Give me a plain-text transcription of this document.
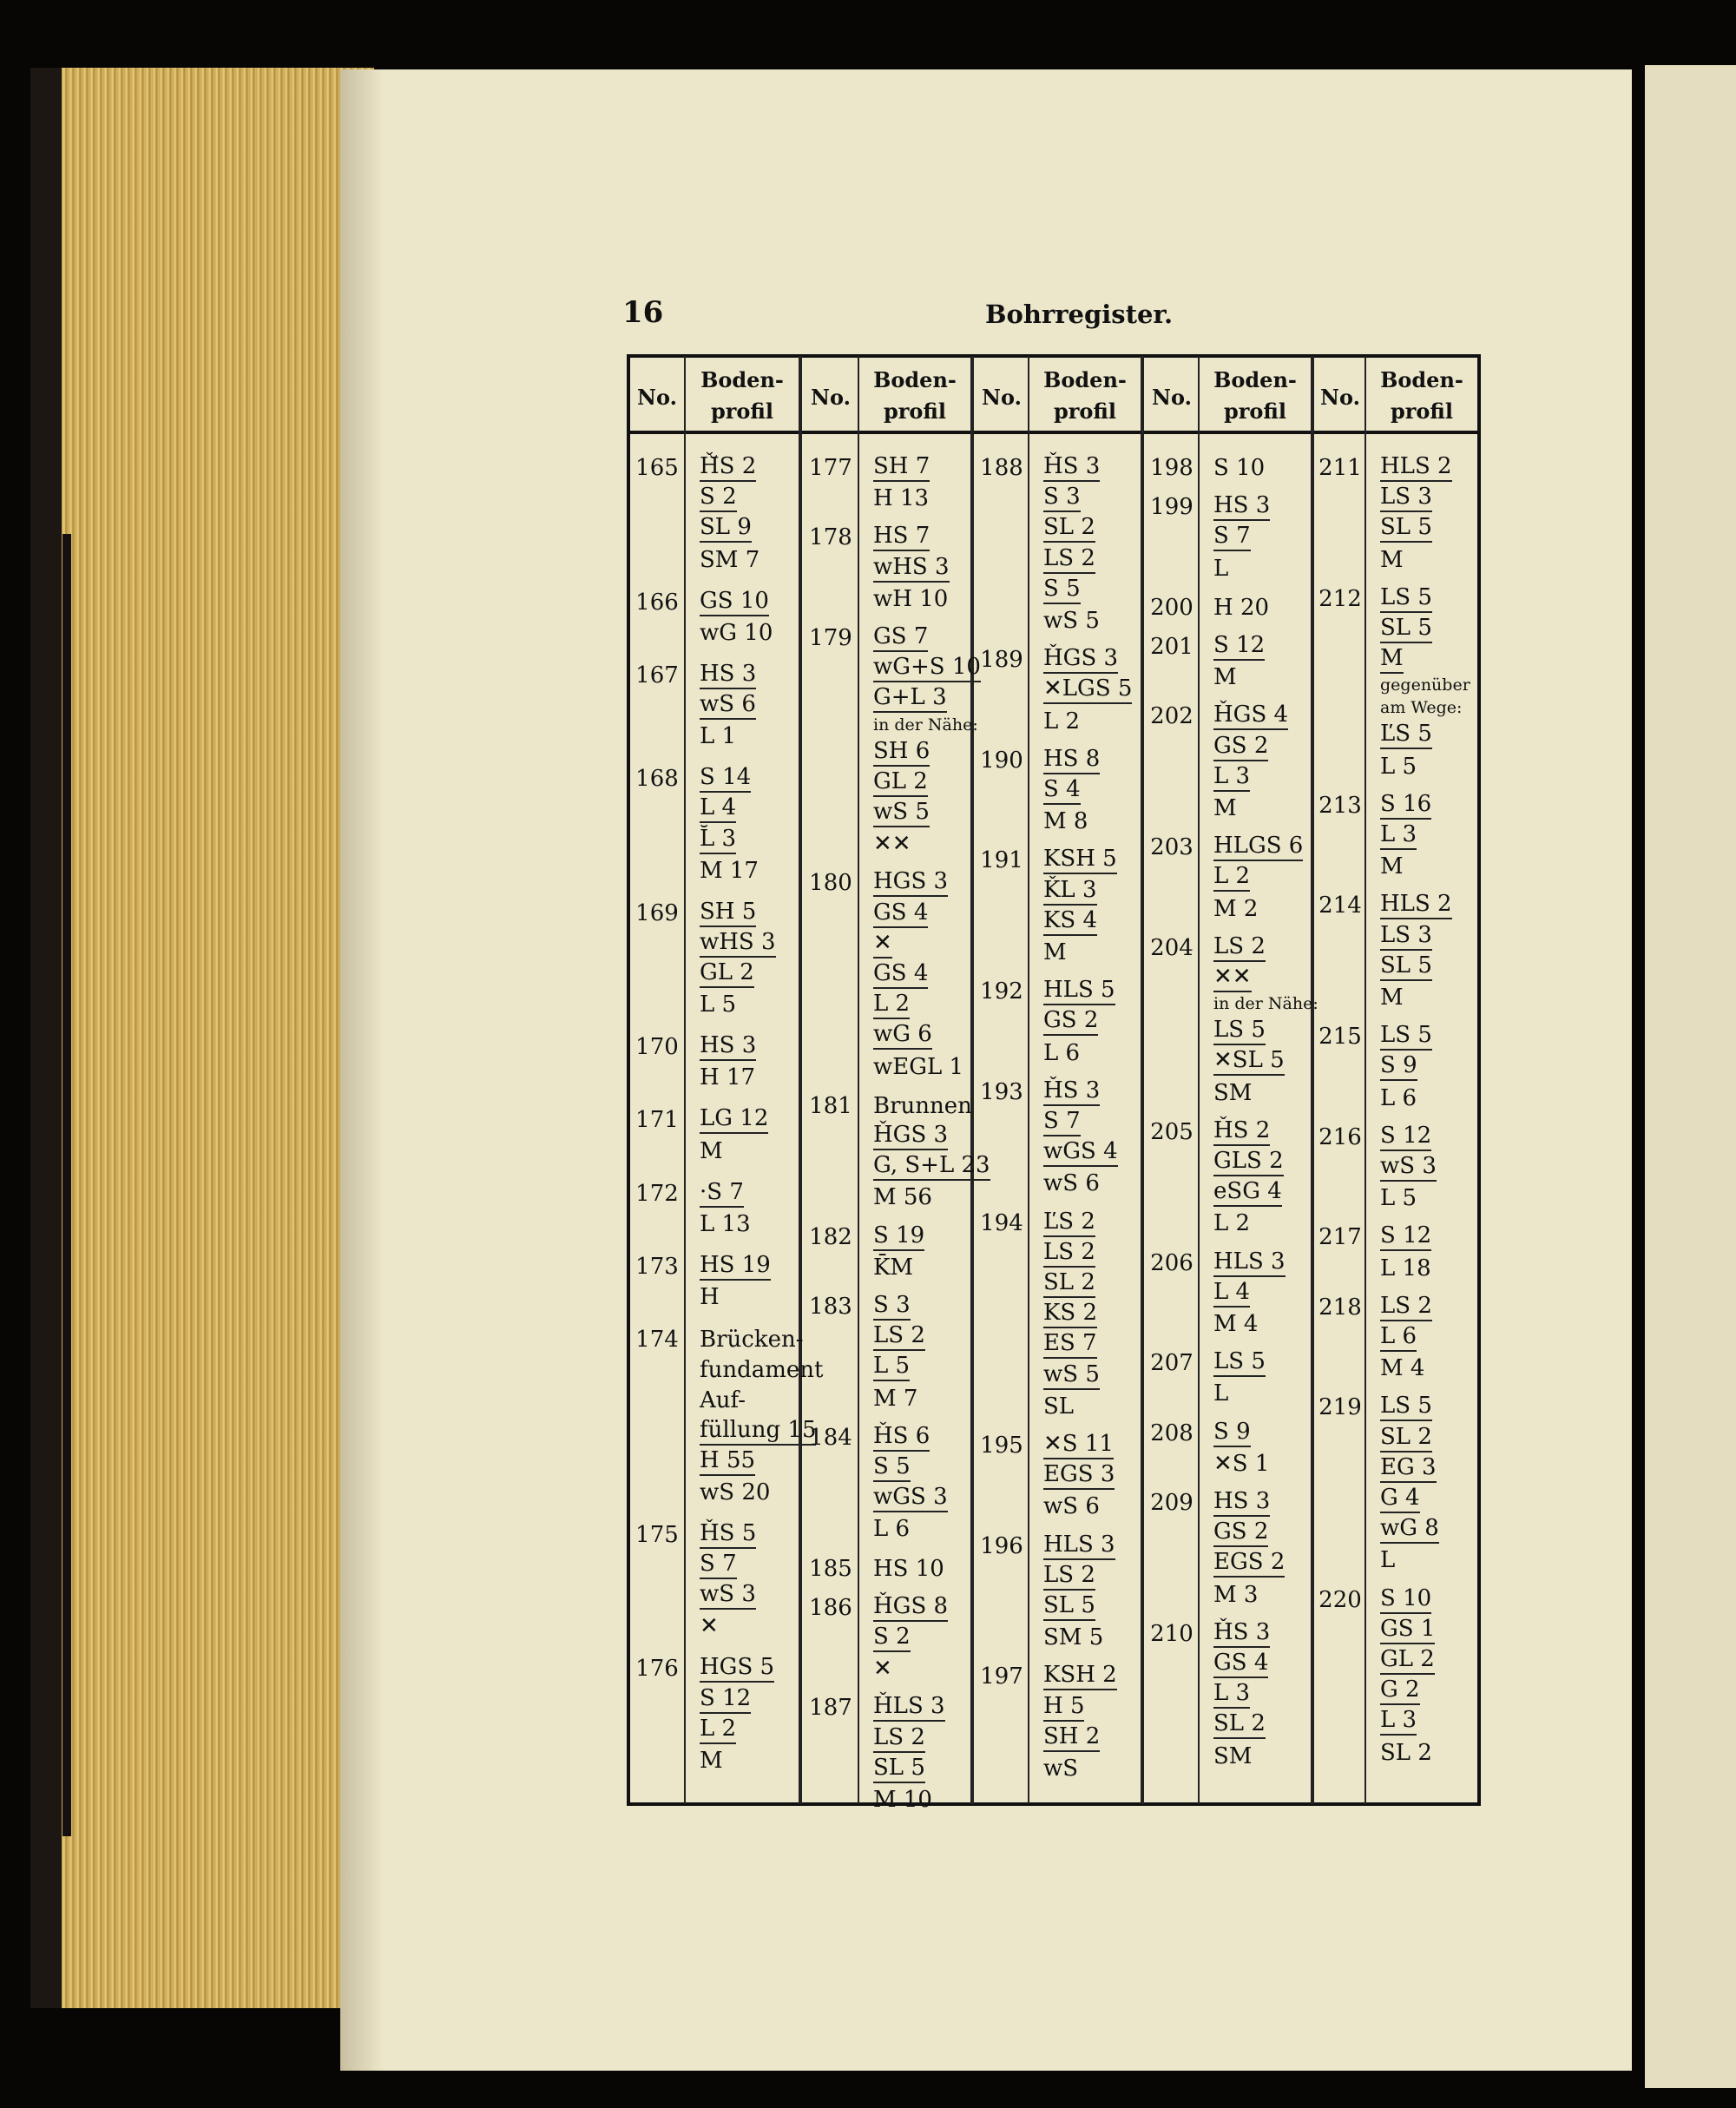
16	Bohrregister.
No.
Boden-
profil
165 Ȟ̆S 2
S 2
SL 9
SM 7
166 GS 10
wG 10
167 HS 3
wS 6
L 1
168 S 14
L 4
L̆ 3
M 17
169 SH 5
wHS 3
GL 2
L 5
170 HS 3
H 17
171 LG 12
M
172 ·S 7
L 13
173 HS 19
H
174 Brücken-
fundament
Auf-
füllung 15
H 55
wS 20
175 ȞS 5
S 7
wS 3
✕
176 HGS 5
S 12
L 2
M
No.
Boden-
profil
177 SH 7
H 13
178 HS 7
wHS 3
wH 10
179 GS 7
wG+S 10
G+L 3
in der Nähe:
SH 6
GL 2
wS 5
✕✕
180 HGS 3
GS 4
✕
GS 4
L 2
wG 6
wEGL 1
181 Brunnen
ȞGS 3
G, S+L 23
M 56
182 S 19
K̄M
183 S 3
LS 2
L 5
M 7
184 ȞS 6
S 5
wGS 3
L 6
185 HS 10
186 ȞGS 8
S 2
✕
187 ȞLS 3
LS 2
SL 5
M 10
No.
Boden-
profil
188 ȞS 3
S 3
SL 2
LS 2
S 5
wS 5
189 ȞGS 3
✕LGS 5
L 2
190 HS 8
S 4
M 8
191 KSH 5
ǨL 3
KS 4
M
192 HLS 5
GS 2
L 6
193 ȞS 3
S 7
wGS 4
wS 6
194 ĽS 2
LS 2
SL 2
KS 2
ES 7
wS 5
SL
195 ✕S 11
EGS 3
wS 6
196 HLS 3
LS 2
SL 5
SM 5
197 KSH 2
H 5
SH 2
wS
No.
Boden-
profil
198 S 10
199 HS 3
S 7
L
200 H 20
201 S 12
M
202 ȞGS 4
GS 2
L 3
M
203 HLGS 6
L 2
M 2
204 LS 2
✕✕
in der Nähe:
LS 5
✕SL 5
SM
205 ȞS 2
GLS 2
eSG 4
L 2
206 HLS 3
L 4
M 4
207 LS 5
L
208 S 9
✕S 1
209 HS 3
GS 2
EGS 2
M 3
210 ȞS 3
GS 4
L 3
SL 2
SM
No.
Boden-
profil
211 HLS 2
LS 3
SL 5
M
212 LS 5
SL 5
M
gegenüber
am Wege:
ĽS 5
L 5
213 S 16
L 3
M
214 HLS 2
LS 3
SL 5
M
215 LS 5
S 9
L 6
216 S 12
wS 3
L 5
217 S 12
L 18
218 LS 2
L 6
M 4
219 LS 5
SL 2
EG 3
G 4
wG 8
L
220 S 10
GS 1
GL 2
G 2
L 3
SL 2
